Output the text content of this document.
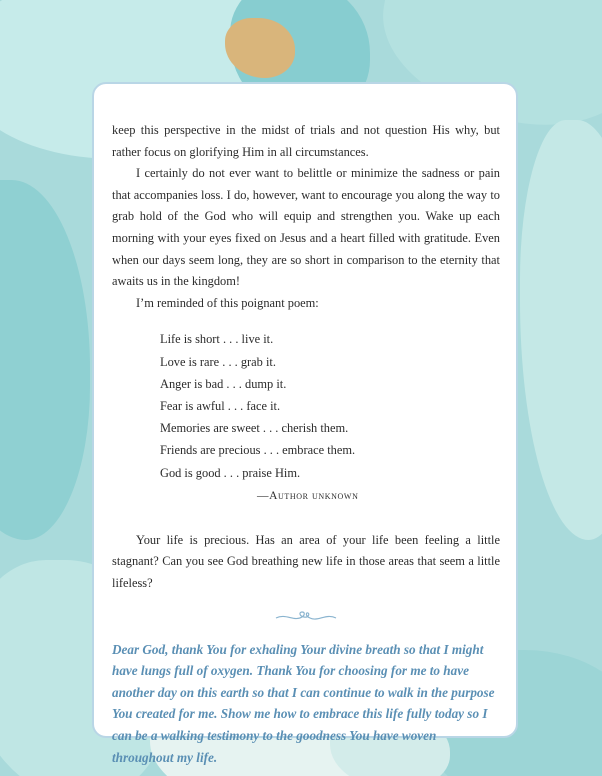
keep this perspective in the midst of trials and not question His why, but rather focus on glorifying Him in all circumstances.

I certainly do not ever want to belittle or minimize the sadness or pain that accompanies loss. I do, however, want to encourage you along the way to grab hold of the God who will equip and strengthen you. Wake up each morning with your eyes fixed on Jesus and a heart filled with gratitude. Even when our days seem long, they are so short in comparison to the eternity that awaits us in the kingdom!

I’m reminded of this poignant poem:

Life is short . . . live it.
Love is rare . . . grab it.
Anger is bad . . . dump it.
Fear is awful . . . face it.
Memories are sweet . . . cherish them.
Friends are precious . . . embrace them.
God is good . . . praise Him.
—Author unknown

Your life is precious. Has an area of your life been feeling a little stagnant? Can you see God breathing new life in those areas that seem a little lifeless?

Dear God, thank You for exhaling Your divine breath so that I might have lungs full of oxygen. Thank You for choosing for me to have another day on this earth so that I can continue to walk in the purpose You created for me. Show me how to embrace this life fully today so I can be a walking testimony to the goodness You have woven throughout my life.
